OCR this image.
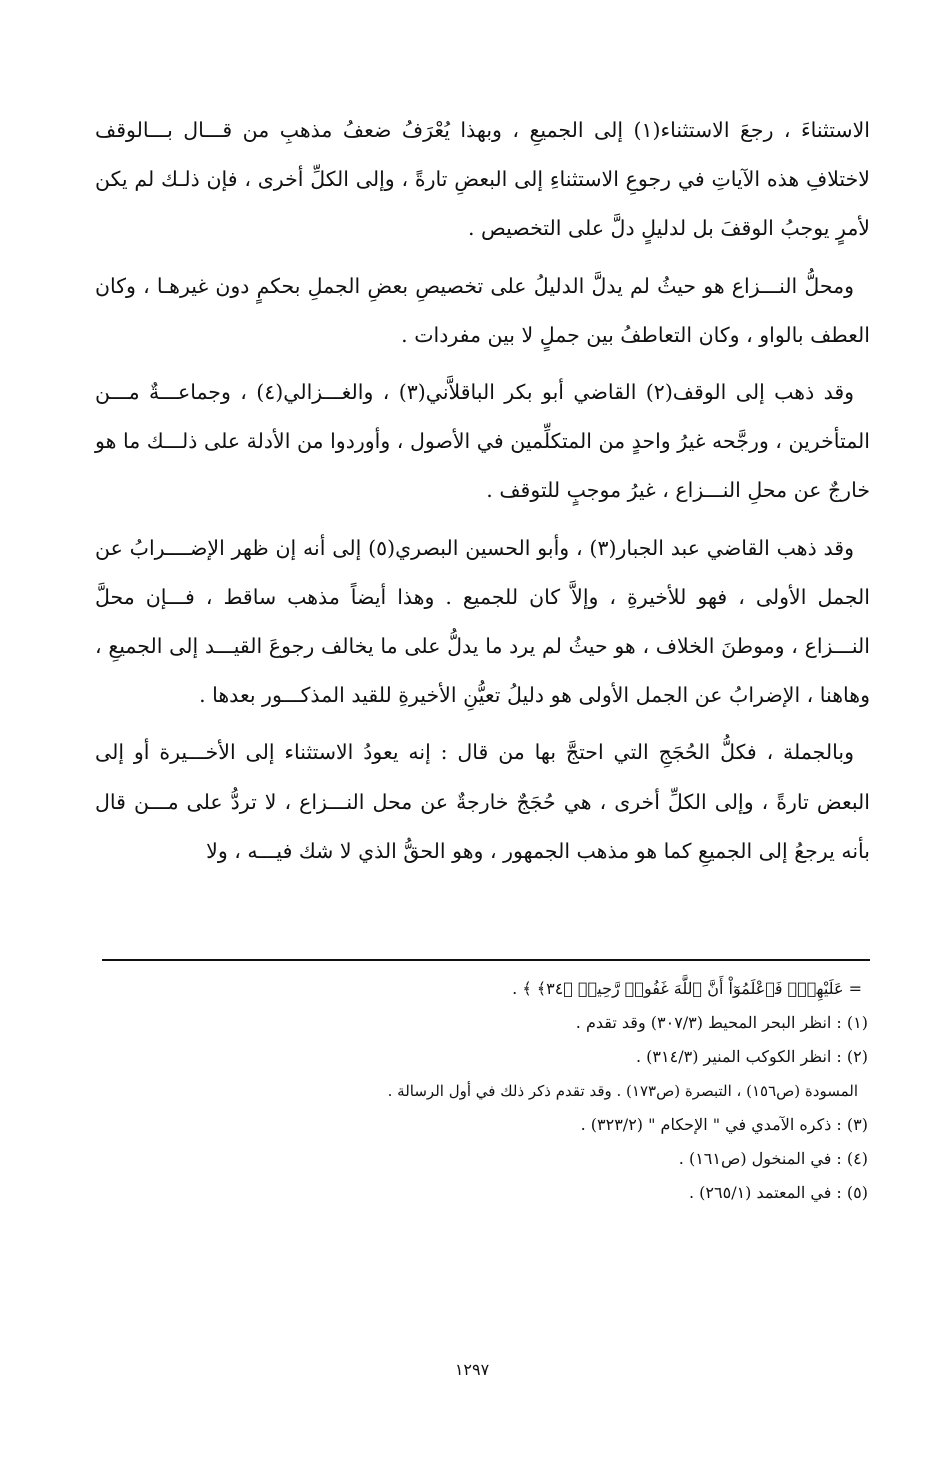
الاستثناءَ ، رجعَ الاستثناء(١) إلى الجميعِ ، وبهذا يُعْرَفُ ضعفُ مذهبِ من قـــال بـــالوقف لاختلافِ هذه الآياتِ في رجوعِ الاستثناءِ إلى البعضِ تارةً ، وإلى الكلِّ أخرى ، فإن ذلـك لم يكن لأمرٍ يوجبُ الوقفَ بل لدليلٍ دلَّ على التخصيص .

ومحلُّ النـــزاع هو حيثُ لم يدلَّ الدليلُ على تخصيصِ بعضِ الجملِ بحكمٍ دون غيرهـا ، وكان العطف بالواو ، وكان التعاطفُ بين جملٍ لا بين مفردات .

وقد ذهب إلى الوقف(٢) القاضي أبو بكر الباقلاَّني(٣) ، والغـــزالي(٤) ، وجماعـــةٌ مـــن المتأخرين ، ورجَّحه غيرُ واحدٍ من المتكلِّمين في الأصول ، وأوردوا من الأدلة على ذلـــك ما هو خارجٌ عن محلِ النـــزاع ، غيرُ موجبٍ للتوقف .

وقد ذهب القاضي عبد الجبار(٣) ، وأبو الحسين البصري(٥) إلى أنه إن ظهر الإضــــرابُ عن الجمل الأولى ، فهو للأخيرةِ ، وإلاَّ كان للجميع . وهذا أيضاً مذهب ساقط ، فـــإن محلَّ النـــزاع ، وموطنَ الخلاف ، هو حيثُ لم يرد ما يدلُّ على ما يخالف رجوعَ القيـــد إلى الجميعِ ، وهاهنا ، الإضرابُ عن الجمل الأولى هو دليلُ تعيُّنِ الأخيرةِ للقيد المذكـــور بعدها .

وبالجملة ، فكلُّ الحُجَجِ التي احتجَّ بها من قال : إنه يعودُ الاستثناء إلى الأخـــيرة أو إلى البعض تارةً ، وإلى الكلِّ أخرى ، هي حُجَجٌ خارجةٌ عن محل النـــزاع ، لا تردُّ على مـــن قال بأنه يرجعُ إلى الجميعِ كما هو مذهب الجمهور ، وهو الحقُّ الذي لا شك فيـــه ، ولا

= عَلَيْهِمْۖ فَٱعْلَمُوٓاْ أَنَّ ٱللَّهَ غَفُورٞ رَّحِيمٞ ﴿٣٤﴾ ﴾ .
(١) : انظر البحر المحيط (٣٠٧/٣) وقد تقدم .
(٢) : انظر الكوكب المنير (٣١٤/٣) .
المسودة (ص١٥٦) ، التبصرة (ص١٧٣) . وقد تقدم ذكر ذلك في أول الرسالة .
(٣) : ذكره الآمدي في " الإحكام " (٣٢٣/٢) .
(٤) : في المنخول (ص١٦١) .
(٥) : في المعتمد (٢٦٥/١) .
١٢٩٧
